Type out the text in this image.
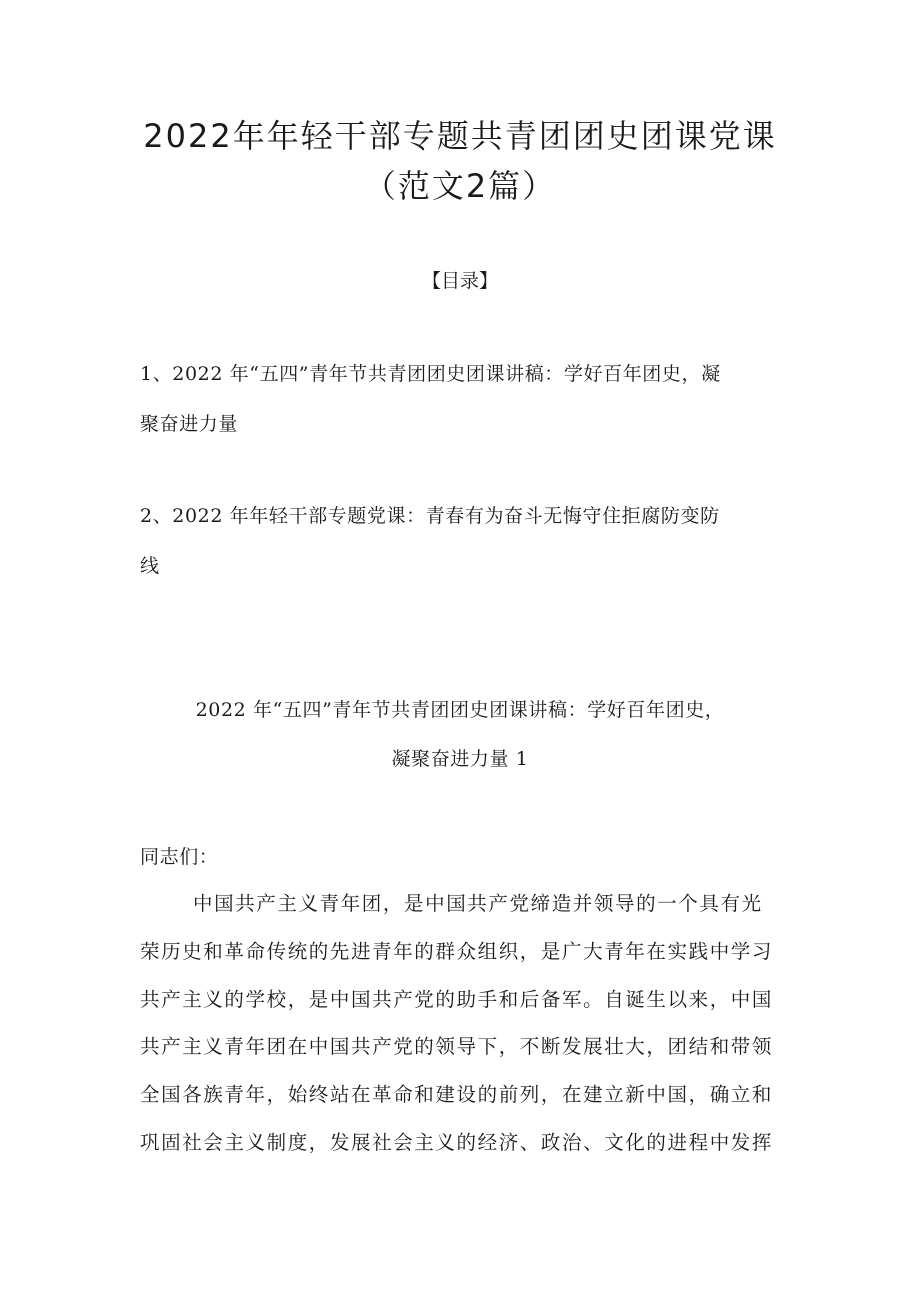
2022年年轻干部专题共青团团史团课党课
（范文2篇）
【目录】
1、2022 年“五四”青年节共青团团史团课讲稿：学好百年团史，凝
聚奋进力量
2、2022 年年轻干部专题党课：青春有为奋斗无悔守住拒腐防变防
线
2022 年“五四”青年节共青团团史团课讲稿：学好百年团史，
凝聚奋进力量 1
同志们：
中国共产主义青年团，是中国共产党缔造并领导的一个具有光
荣历史和革命传统的先进青年的群众组织，是广大青年在实践中学习
共产主义的学校，是中国共产党的助手和后备军。自诞生以来，中国
共产主义青年团在中国共产党的领导下，不断发展壮大，团结和带领
全国各族青年，始终站在革命和建设的前列，在建立新中国，确立和
巩固社会主义制度，发展社会主义的经济、政治、文化的进程中发挥
